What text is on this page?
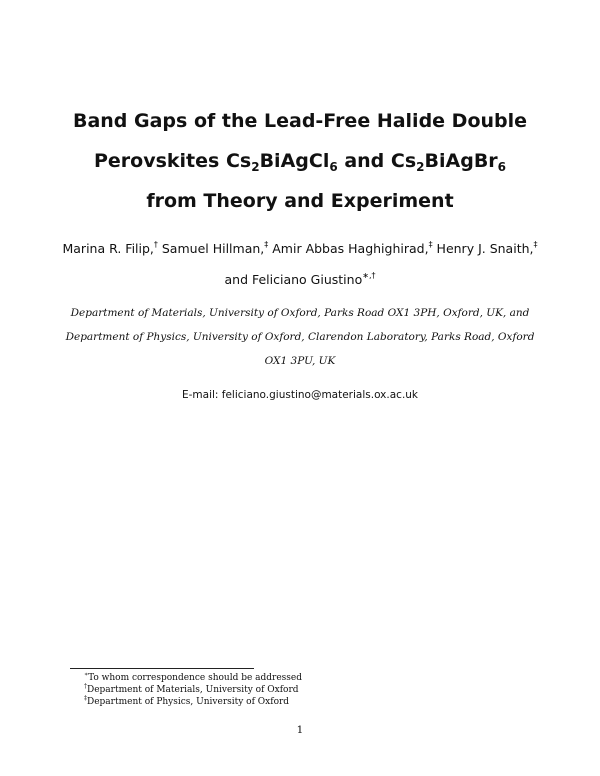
Band Gaps of the Lead-Free Halide Double
Perovskites $Cs_2BiAgCl_6$ and $Cs_2BiAgBr_6$
from Theory and Experiment
Marina R. Filip,† Samuel Hillman,‡ Amir Abbas Haghighirad,‡ Henry J. Snaith,‡
and Feliciano Giustino∗,†
Department of Materials, University of Oxford, Parks Road OX1 3PH, Oxford, UK, and
Department of Physics, University of Oxford, Clarendon Laboratory, Parks Road, Oxford
OX1 3PU, UK
E-mail: feliciano.giustino@materials.ox.ac.uk
∗To whom correspondence should be addressed
†Department of Materials, University of Oxford
‡Department of Physics, University of Oxford
1
